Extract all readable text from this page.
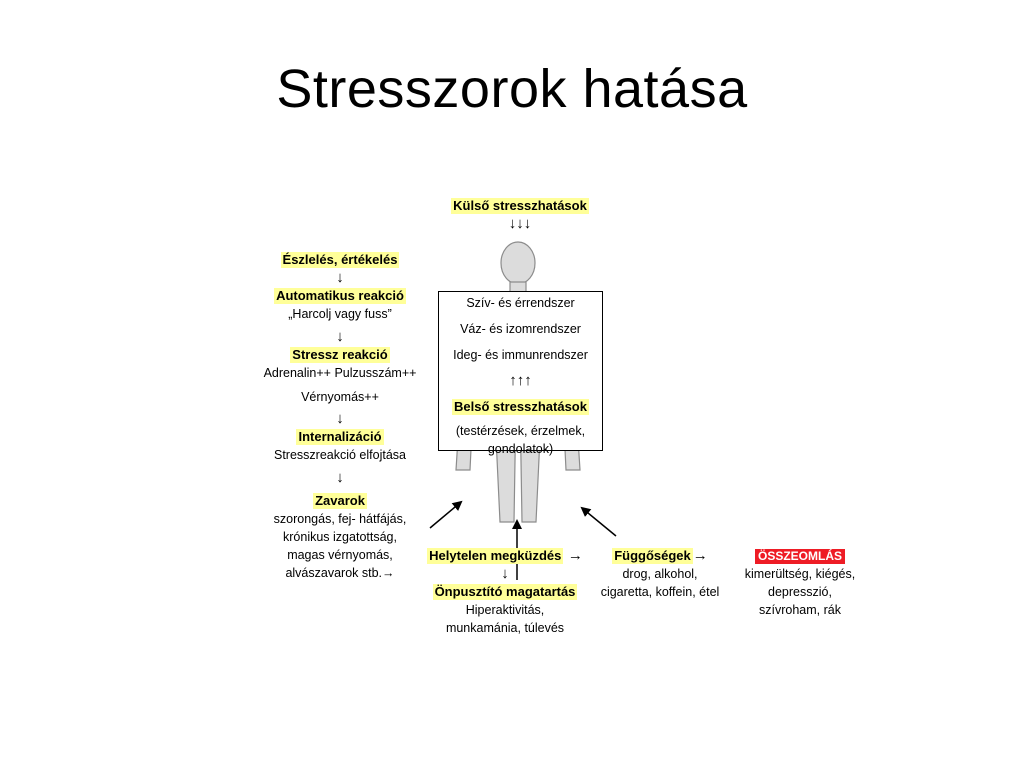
Stresszorok hatása
Külső stresszhatások
↓↓↓
Észlelés, értékelés
↓
Automatikus reakció
„Harcolj vagy fuss”

↓
Stressz reakció
Adrenalin++ Pulzusszám++

Vérnyomás++

↓
Internalizáció
Stresszreakció elfojtása

↓

Zavarok
szorongás, fej- hátfájás,
krónikus izgatottság,
magas vérnyomás,
alvászavarok stb.→
Szív- és érrendszer

Váz- és izomrendszer

Ideg- és immunrendszer

↑↑↑

Belső stresszhatások

(testérzések, érzelmek,
gondolatok)
Helytelen megküzdés →
↓
Önpusztító magatartás
Hiperaktivitás,
munkamánia, túlevés
Függőségek →
drog, alkohol,
cigaretta, koffein, étel
ÖSSZEOMLÁS
kimerültség, kiégés,
depresszió,
szívroham, rák
